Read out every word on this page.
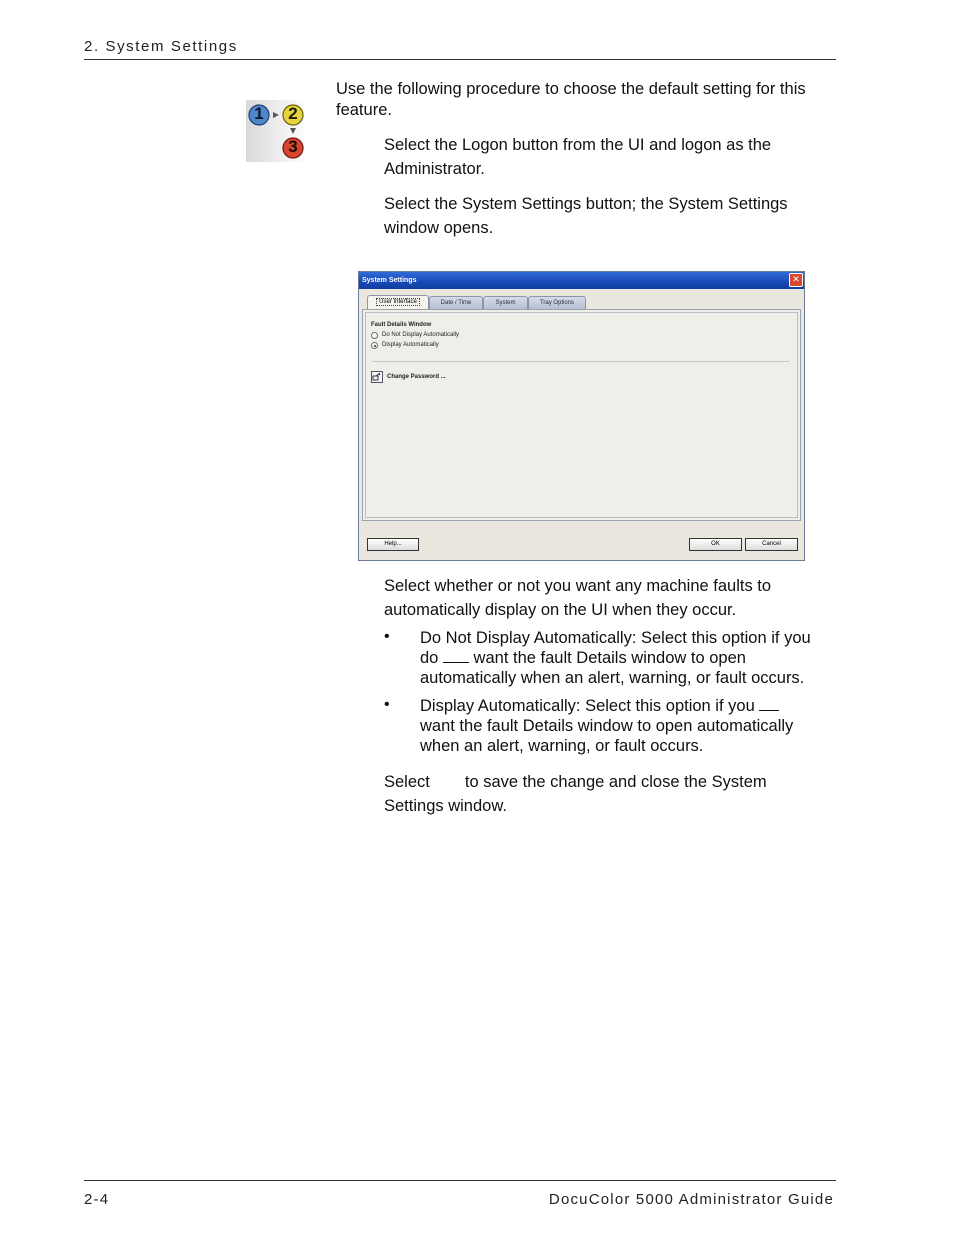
2. System Settings
1 2
3
Use the following procedure to choose the default setting for this feature.
Select the Logon button from the UI and logon as the Administrator.
Select the System Settings button; the System Settings window opens.
System Settings	✕
User Interface	Date / Time	System	Tray Options
Fault Details Window
Do Not Display Automatically
Display Automatically
Change Password ...
Help...	OK	Cancel
Select whether or not you want any machine faults to automatically display on the UI when they occur.
• Do Not Display Automatically: Select this option if you
do want the fault Details window to open
automatically when an alert, warning, or fault occurs.
• Display Automatically: Select this option if you
want the fault Details window to open automatically
when an alert, warning, or fault occurs.
Select to save the change and close the System Settings window.
2-4	DocuColor 5000 Administrator Guide
